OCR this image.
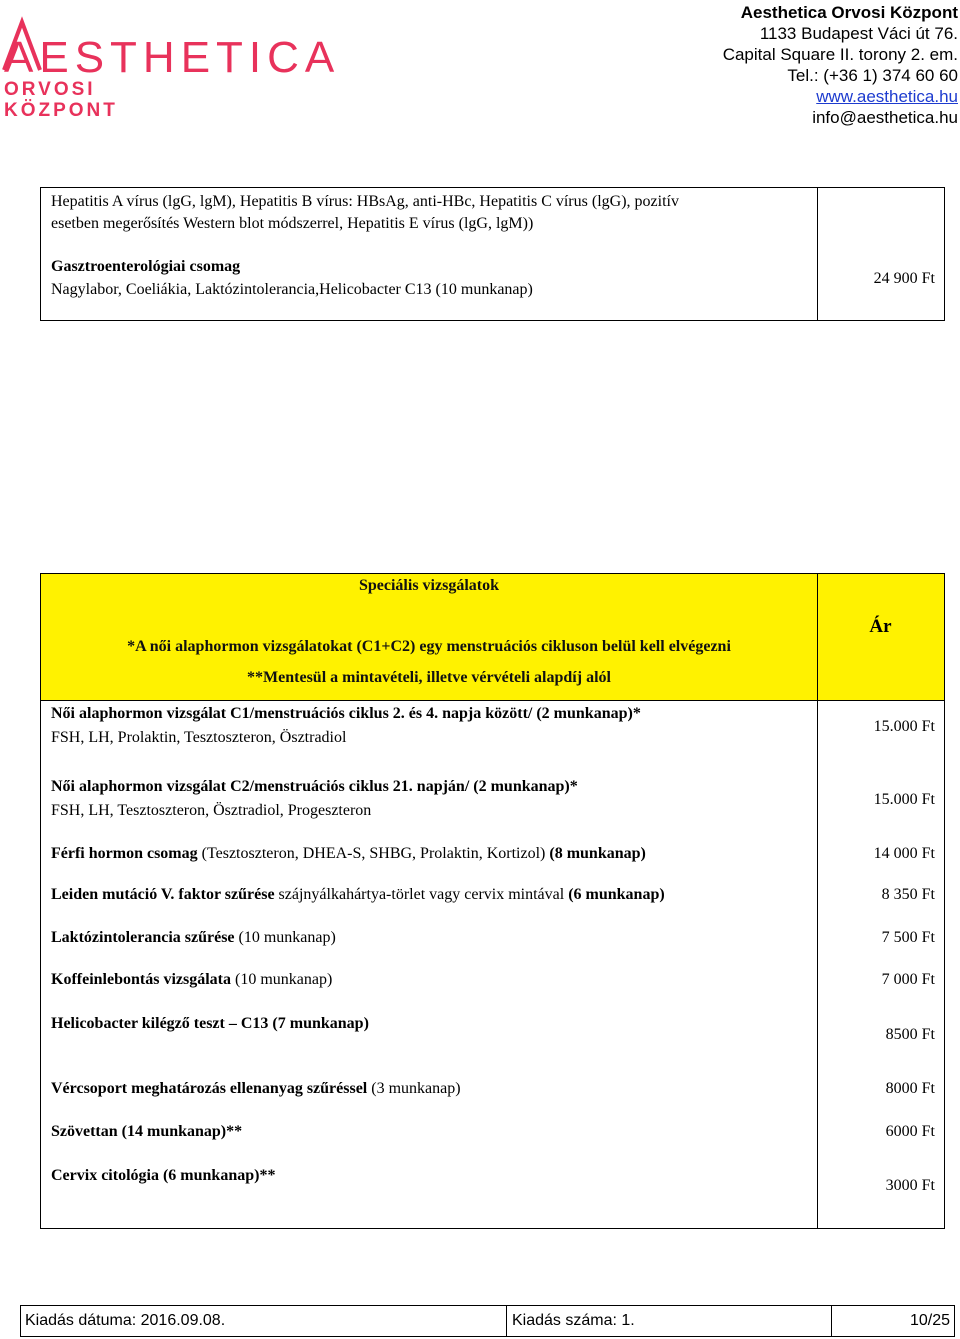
AESTHETICA
ORVOSI
KÖZPONT
Aesthetica Orvosi Központ
1133 Budapest Váci út 76.
Capital Square II. torony 2. em.
Tel.: (+36 1) 374 60 60
www.aesthetica.hu
info@aesthetica.hu
Hepatitis A vírus (lgG, lgM), Hepatitis B vírus: HBsAg, anti-HBc, Hepatitis C vírus (lgG), pozitív
esetben megerősítés Western blot módszerrel, Hepatitis E vírus (lgG, lgM))
Gasztroenterológiai csomag
Nagylabor, Coeliákia, Laktózintolerancia,Helicobacter C13 (10 munkanap)
24 900 Ft
Speciális vizsgálatok
*A női alaphormon vizsgálatokat (C1+C2) egy menstruációs cikluson belül kell elvégezni
**Mentesül a mintavételi, illetve vérvételi alapdíj alól
Ár
Női alaphormon vizsgálat C1/menstruációs ciklus 2. és 4. napja között/ (2 munkanap)*
FSH, LH, Prolaktin, Tesztoszteron, Ösztradiol
15.000 Ft
Női alaphormon vizsgálat C2/menstruációs ciklus 21. napján/ (2 munkanap)*
FSH, LH, Tesztoszteron, Ösztradiol, Progeszteron
15.000 Ft
Férfi hormon csomag (Tesztoszteron, DHEA-S, SHBG, Prolaktin, Kortizol) (8 munkanap)	14 000 Ft
Leiden mutáció V. faktor szűrése szájnyálkahártya-törlet vagy cervix mintával (6 munkanap)	8 350 Ft
Laktózintolerancia szűrése (10 munkanap)	7 500 Ft
Koffeinlebontás vizsgálata (10 munkanap)	7 000 Ft
Helicobacter kilégző teszt – C13 (7 munkanap)
8500 Ft
Vércsoport meghatározás ellenanyag szűréssel (3 munkanap)	8000 Ft
Szövettan (14 munkanap)**	6000 Ft
Cervix citológia (6 munkanap)**
3000 Ft
Kiadás dátuma: 2016.09.08.	Kiadás száma: 1.	10/25
